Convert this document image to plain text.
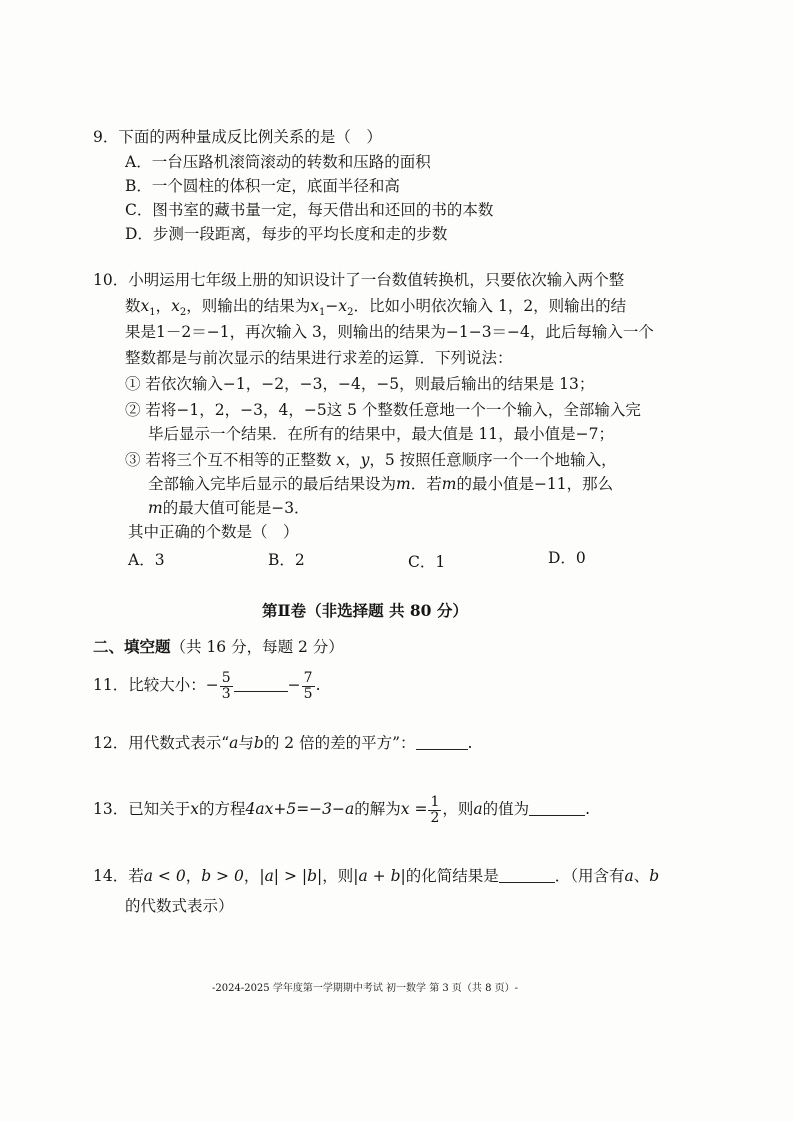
9．下面的两种量成反比例关系的是（　）
A．一台压路机滚筒滚动的转数和压路的面积
B．一个圆柱的体积一定，底面半径和高
C．图书室的藏书量一定，每天借出和还回的书的本数
D．步测一段距离，每步的平均长度和走的步数
10．小明运用七年级上册的知识设计了一台数值转换机，只要依次输入两个整
数$x_1$，$x_2$，则输出的结果为$x_1-x_2$．比如小明依次输入 1，2，则输出的结
果是1－2＝−1，再次输入 3，则输出的结果为−1−3＝−4，此后每输入一个
整数都是与前次显示的结果进行求差的运算．下列说法：
① 若依次输入−1，−2，−3，−4，−5，则最后输出的结果是 13；
② 若将−1，2，−3，4，−5这 5 个整数任意地一个一个输入，全部输入完
毕后显示一个结果．在所有的结果中，最大值是 11，最小值是−7；
③ 若将三个互不相等的正整数 x，y，5 按照任意顺序一个一个地输入，
全部输入完毕后显示的最后结果设为m．若m的最小值是−11，那么
m的最大值可能是−3．
其中正确的个数是（　）
A．3	B．2	C．1	D．0
第Ⅱ卷（非选择题 共 80 分）
二、填空题（共 16 分，每题 2 分）
11．比较大小：− $\frac{5}{3}$	− $\frac{7}{5}$ .
12．用代数式表示“a与b的 2 倍的差的平方”：	.
13．已知关于x的方程4ax+5=−3−a的解为$x = \frac{1}{2}$ ，则a的值为	.
14．若a < 0，b > 0，|a| > |b|，则|a + b|的化简结果是	．（用含有a、b
的代数式表示）
-2024-2025 学年度第一学期期中考试 初一数学 第 3 页（共 8 页）-
